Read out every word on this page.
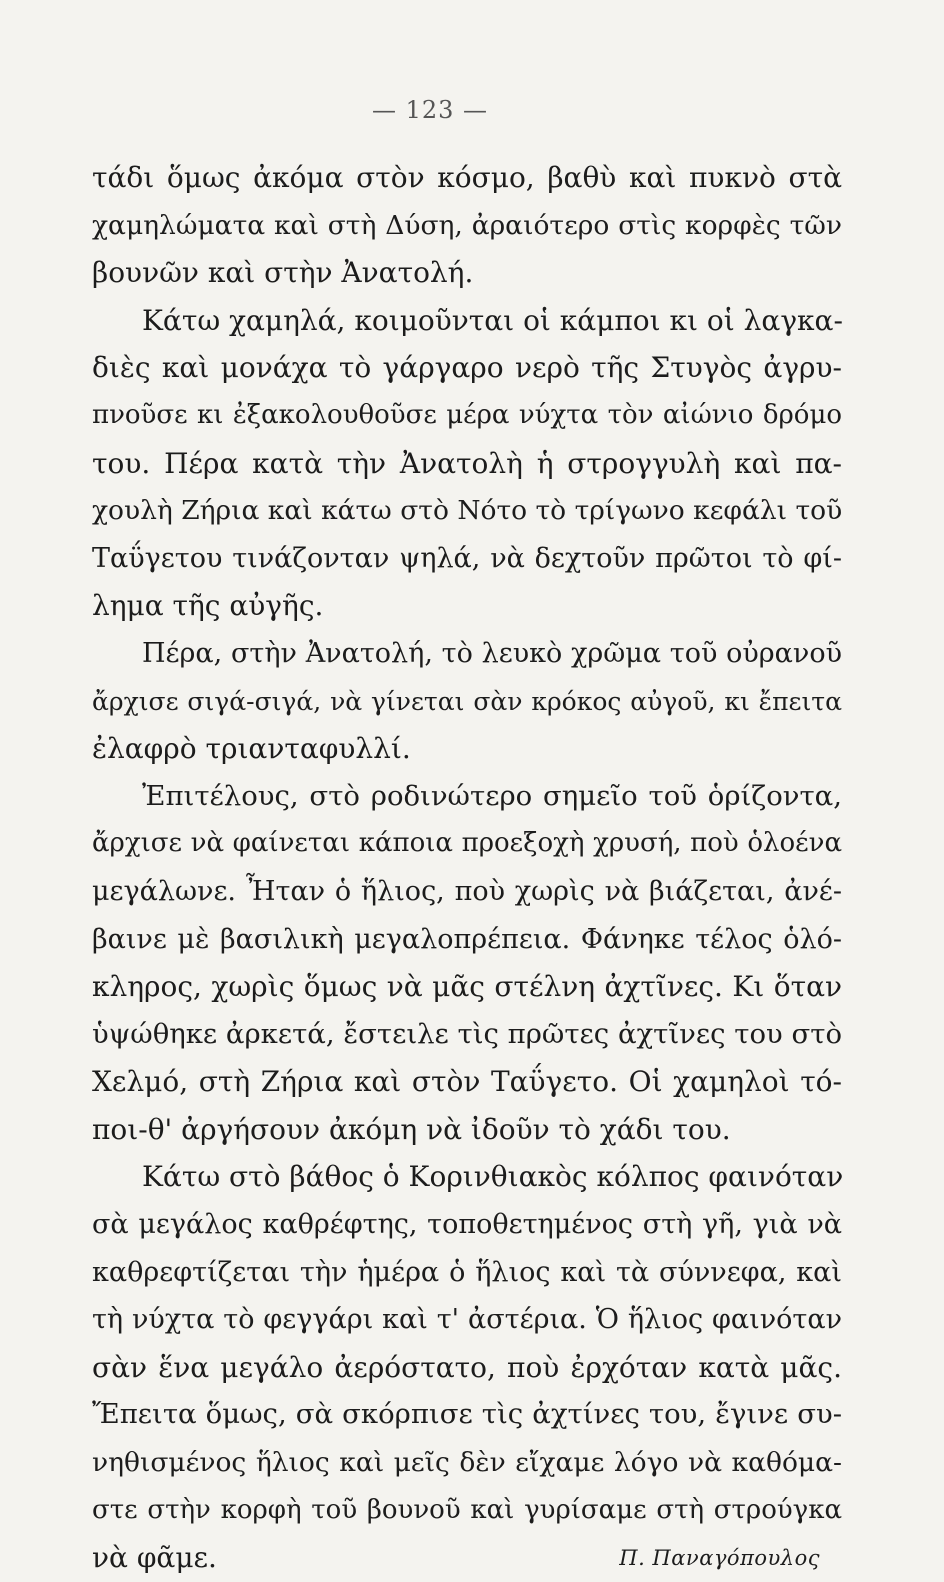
— 123 —
τάδι ὅμως ἀκόμα στὸν κόσμο, βαθὺ καὶ πυκνὸ στὰ
χαμηλώματα καὶ στὴ Δύση, ἀραιότερο στὶς κορφὲς τῶν
βουνῶν καὶ στὴν Ἀνατολή.
Κάτω χαμηλά, κοιμοῦνται οἱ κάμποι κι οἱ λαγκα-
διὲς καὶ μονάχα τὸ γάργαρο νερὸ τῆς Στυγὸς ἀγρυ-
πνοῦσε κι ἐξακολουθοῦσε μέρα νύχτα τὸν αἰώνιο δρόμο
του. Πέρα κατὰ τὴν Ἀνατολὴ ἡ στρογγυλὴ καὶ πα-
χουλὴ Ζήρια καὶ κάτω στὸ Νότο τὸ τρίγωνο κεφάλι τοῦ
Ταΰγετου τινάζονταν ψηλά, νὰ δεχτοῦν πρῶτοι τὸ φί-
λημα τῆς αὐγῆς.
Πέρα, στὴν Ἀνατολή, τὸ λευκὸ χρῶμα τοῦ οὐρανοῦ
ἄρχισε σιγά-σιγά, νὰ γίνεται σὰν κρόκος αὐγοῦ, κι ἔπειτα
ἐλαφρὸ τριανταφυλλί.
Ἐπιτέλους, στὸ ροδινώτερο σημεῖο τοῦ ὁρίζοντα,
ἄρχισε νὰ φαίνεται κάποια προεξοχὴ χρυσή, ποὺ ὁλοένα
μεγάλωνε. Ἦταν ὁ ἥλιος, ποὺ χωρὶς νὰ βιάζεται, ἀνέ-
βαινε μὲ βασιλικὴ μεγαλοπρέπεια. Φάνηκε τέλος ὁλό-
κληρος, χωρὶς ὅμως νὰ μᾶς στέλνη ἀχτῖνες. Κι ὅταν
ὑψώθηκε ἀρκετά, ἔστειλε τὶς πρῶτες ἀχτῖνες του στὸ
Χελμό, στὴ Ζήρια καὶ στὸν Ταΰγετο. Οἱ χαμηλοὶ τό-
ποι-θ' ἀργήσουν ἀκόμη νὰ ἰδοῦν τὸ χάδι του.
Κάτω στὸ βάθος ὁ Κορινθιακὸς κόλπος φαινόταν
σὰ μεγάλος καθρέφτης, τοποθετημένος στὴ γῆ, γιὰ νὰ
καθρεφτίζεται τὴν ἡμέρα ὁ ἥλιος καὶ τὰ σύννεφα, καὶ
τὴ νύχτα τὸ φεγγάρι καὶ τ' ἀστέρια. Ὁ ἥλιος φαινόταν
σὰν ἕνα μεγάλο ἀερόστατο, ποὺ ἐρχόταν κατὰ μᾶς.
Ἔπειτα ὅμως, σὰ σκόρπισε τὶς ἀχτίνες του, ἔγινε συ-
νηθισμένος ἥλιος καὶ μεῖς δὲν εἴχαμε λόγο νὰ καθόμα-
στε στὴν κορφὴ τοῦ βουνοῦ καὶ γυρίσαμε στὴ στρούγκα
νὰ φᾶμε.	Π. Παναγόπουλος
